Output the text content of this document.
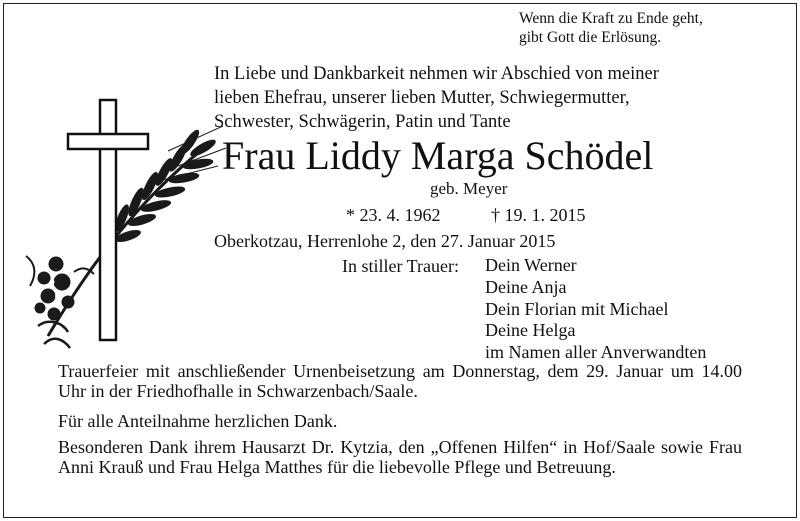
Wenn die Kraft zu Ende geht,
gibt Gott die Erlösung.
In Liebe und Dankbarkeit nehmen wir Abschied von meiner
lieben Ehefrau, unserer lieben Mutter, Schwiegermutter,
Schwester, Schwägerin, Patin und Tante
Frau Liddy Marga Schödel
geb. Meyer
* 23. 4. 1962	† 19. 1. 2015
Oberkotzau, Herrenlohe 2, den 27. Januar 2015
In stiller Trauer: Dein Werner
Deine Anja
Dein Florian mit Michael
Deine Helga
im Namen aller Anverwandten
Trauerfeier mit anschließender Urnenbeisetzung am Donnerstag, dem 29. Januar um 14.00 Uhr in der Friedhofhalle in Schwarzenbach/Saale.
Für alle Anteilnahme herzlichen Dank.
Besonderen Dank ihrem Hausarzt Dr. Kytzia, den „Offenen Hilfen“ in Hof/Saale sowie Frau Anni Krauß und Frau Helga Matthes für die liebevolle Pflege und Betreuung.
